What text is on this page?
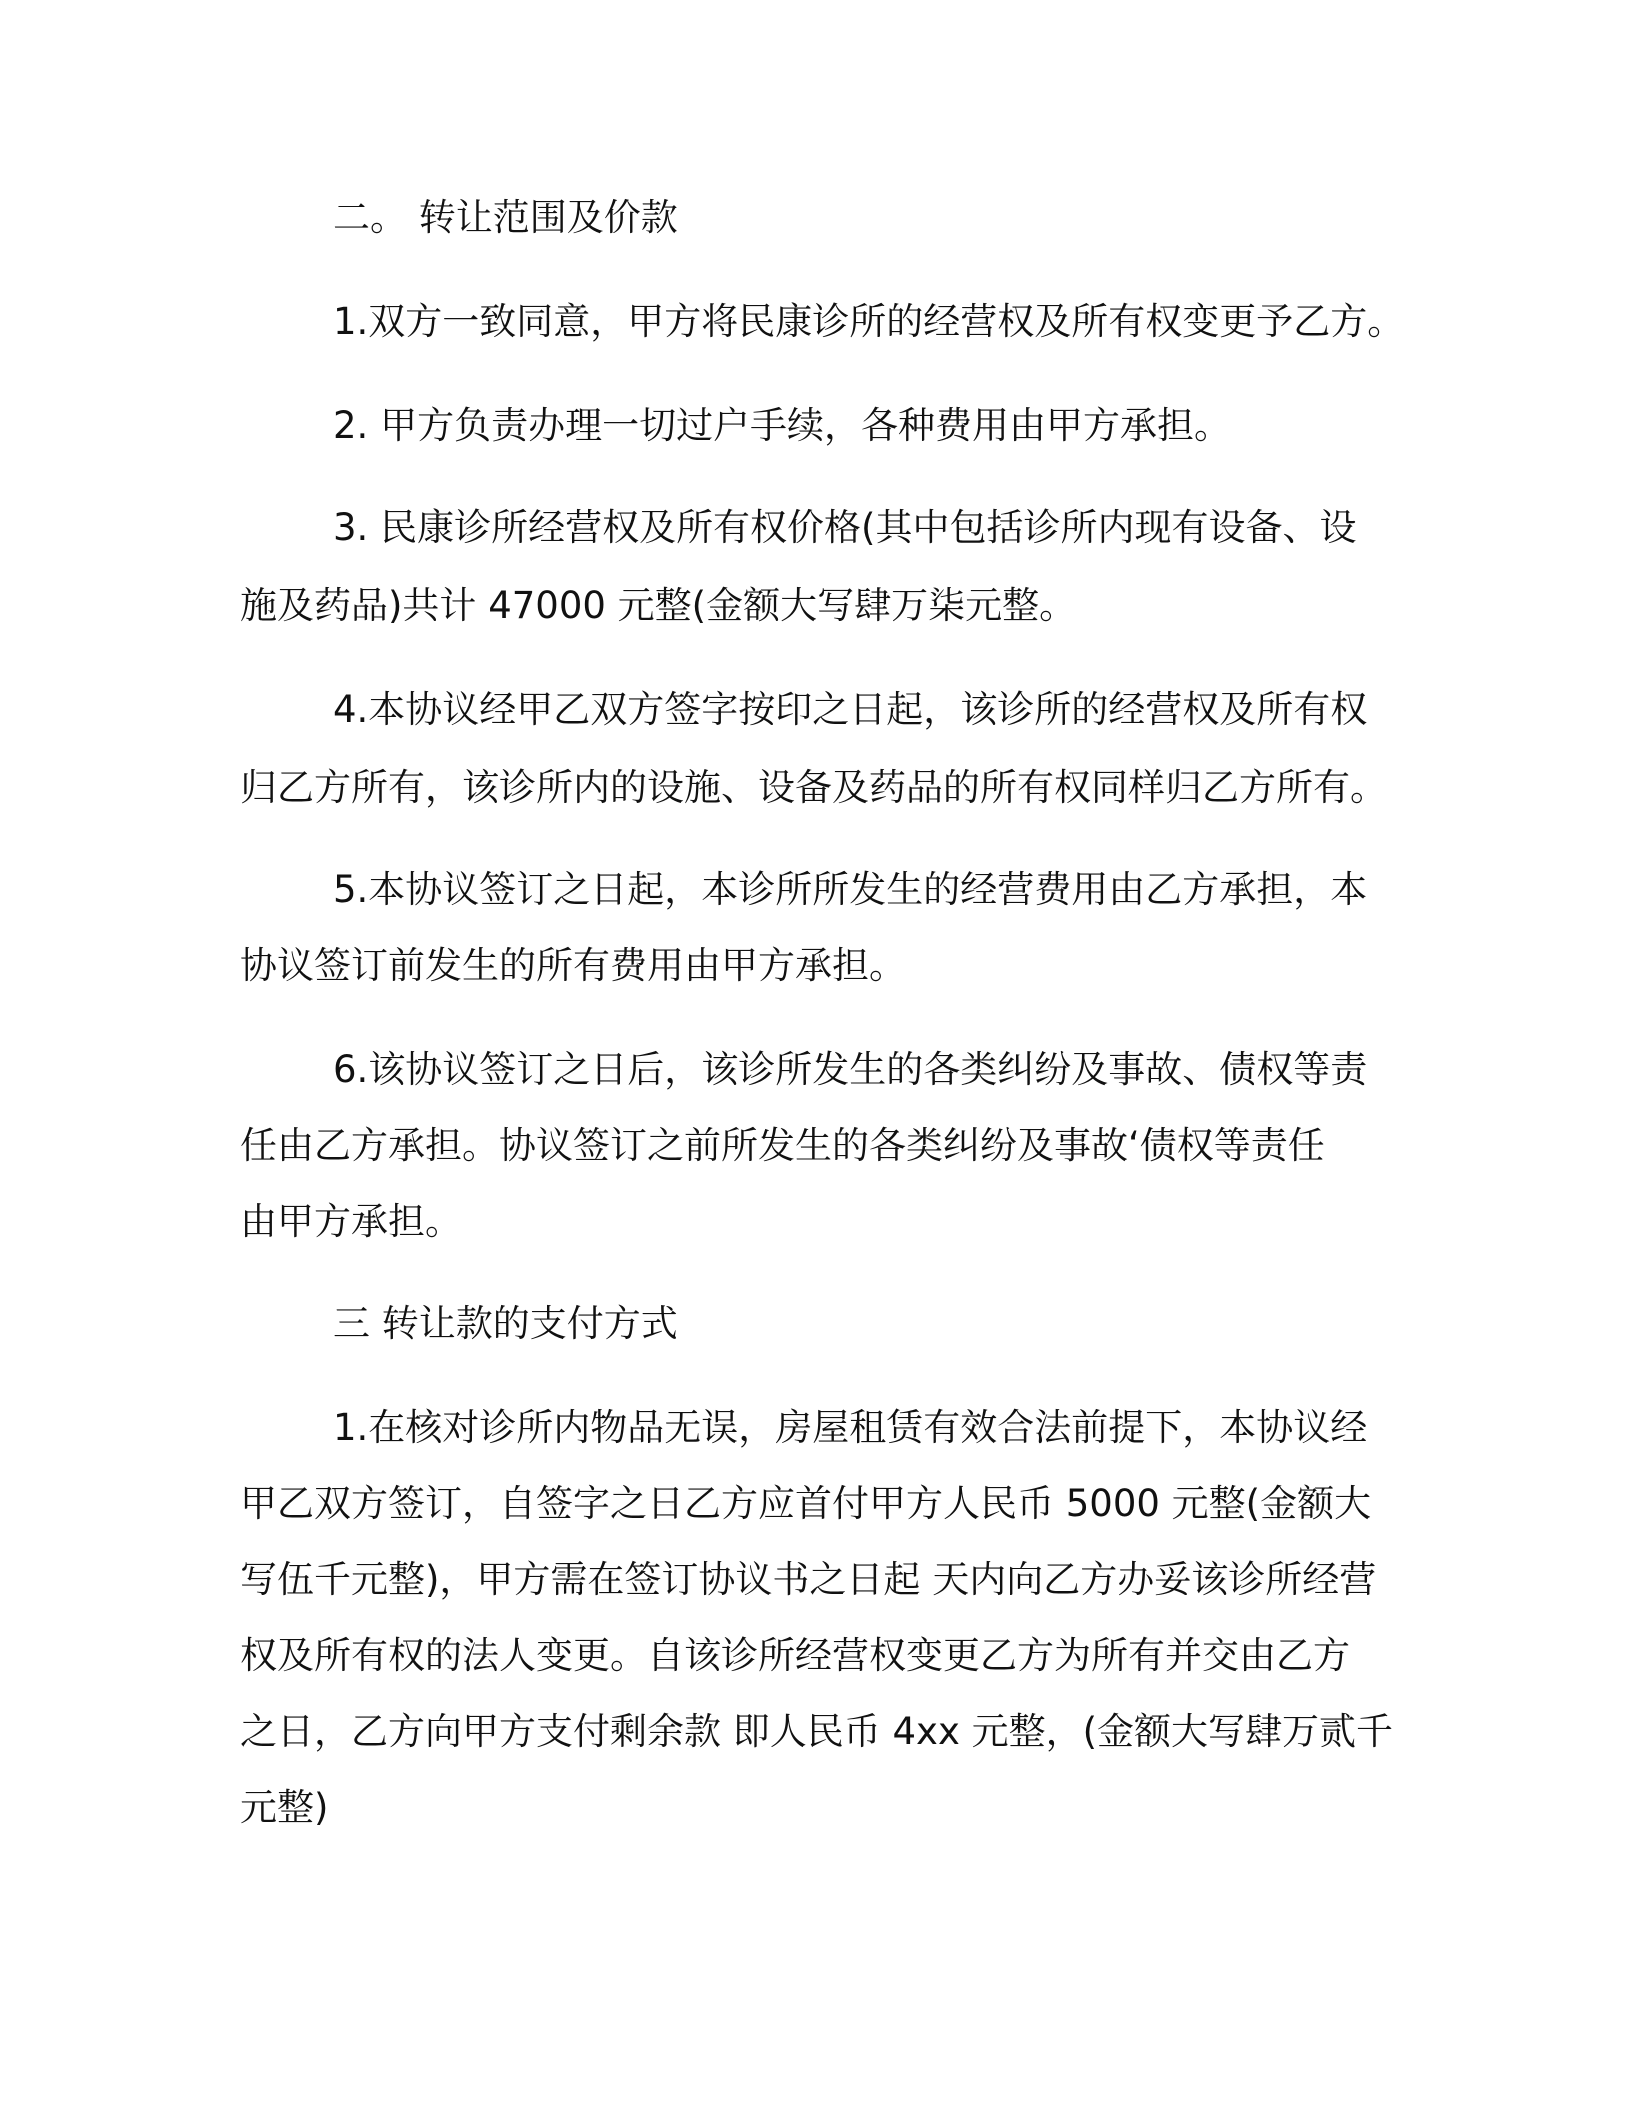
二。 转让范围及价款
1.双方一致同意，甲方将民康诊所的经营权及所有权变更予乙方。
2. 甲方负责办理一切过户手续，各种费用由甲方承担。
3. 民康诊所经营权及所有权价格(其中包括诊所内现有设备、设
施及药品)共计 47000 元整(金额大写肆万柒元整。
4.本协议经甲乙双方签字按印之日起，该诊所的经营权及所有权
归乙方所有，该诊所内的设施、设备及药品的所有权同样归乙方所有。
5.本协议签订之日起，本诊所所发生的经营费用由乙方承担，本
协议签订前发生的所有费用由甲方承担。
6.该协议签订之日后，该诊所发生的各类纠纷及事故、债权等责
任由乙方承担。协议签订之前所发生的各类纠纷及事故‘债权等责任
由甲方承担。
三 转让款的支付方式
1.在核对诊所内物品无误，房屋租赁有效合法前提下，本协议经
甲乙双方签订，自签字之日乙方应首付甲方人民币 5000 元整(金额大
写伍千元整)，甲方需在签订协议书之日起 天内向乙方办妥该诊所经营
权及所有权的法人变更。自该诊所经营权变更乙方为所有并交由乙方
之日，乙方向甲方支付剩余款 即人民币 4xx 元整，(金额大写肆万贰千
元整)
